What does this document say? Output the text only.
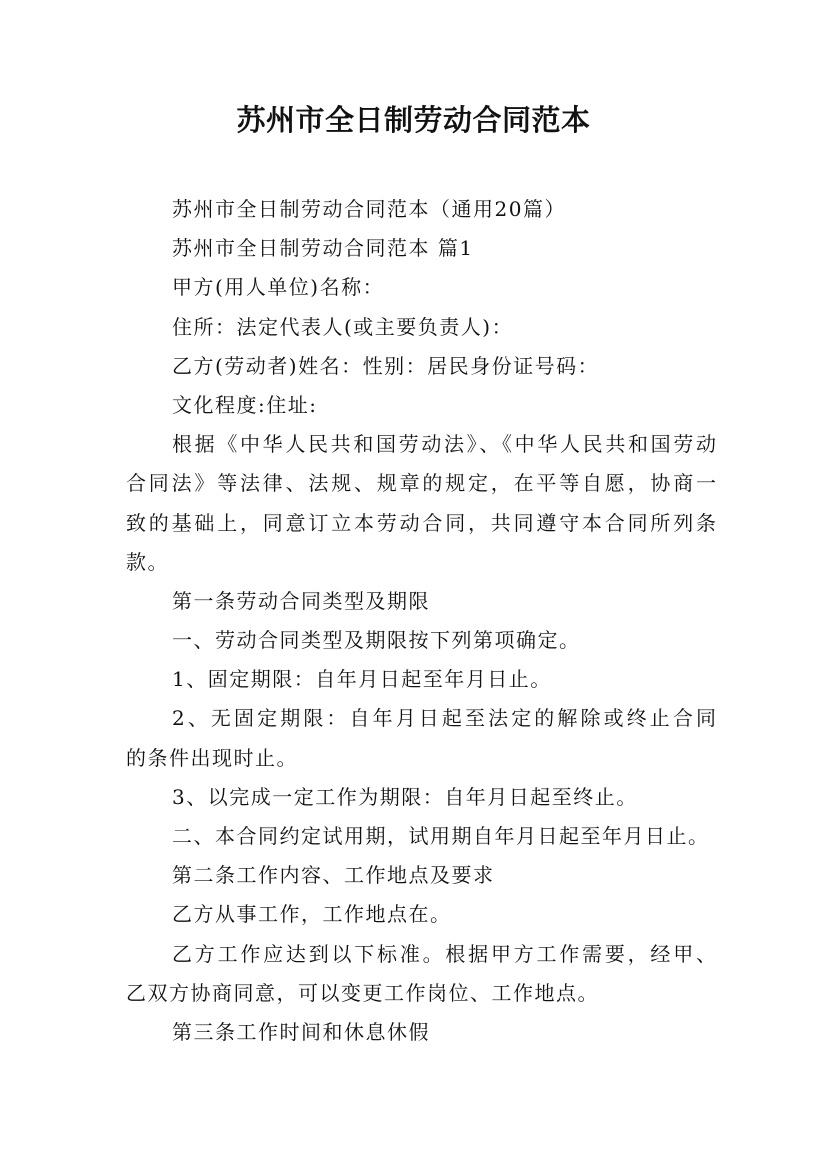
苏州市全日制劳动合同范本
苏州市全日制劳动合同范本（通用20篇）
苏州市全日制劳动合同范本 篇1
甲方(用人单位)名称：
住所：法定代表人(或主要负责人)：
乙方(劳动者)姓名：性别：居民身份证号码：
文化程度:住址:
根据《中华人民共和国劳动法》、《中华人民共和国劳动
合同法》等法律、法规、规章的规定，在平等自愿，协商一
致的基础上，同意订立本劳动合同，共同遵守本合同所列条
款。
第一条劳动合同类型及期限
一、劳动合同类型及期限按下列第项确定。
1、固定期限：自年月日起至年月日止。
2、无固定期限：自年月日起至法定的解除或终止合同
的条件出现时止。
3、以完成一定工作为期限：自年月日起至终止。
二、本合同约定试用期，试用期自年月日起至年月日止。
第二条工作内容、工作地点及要求
乙方从事工作，工作地点在。
乙方工作应达到以下标准。根据甲方工作需要，经甲、
乙双方协商同意，可以变更工作岗位、工作地点。
第三条工作时间和休息休假
